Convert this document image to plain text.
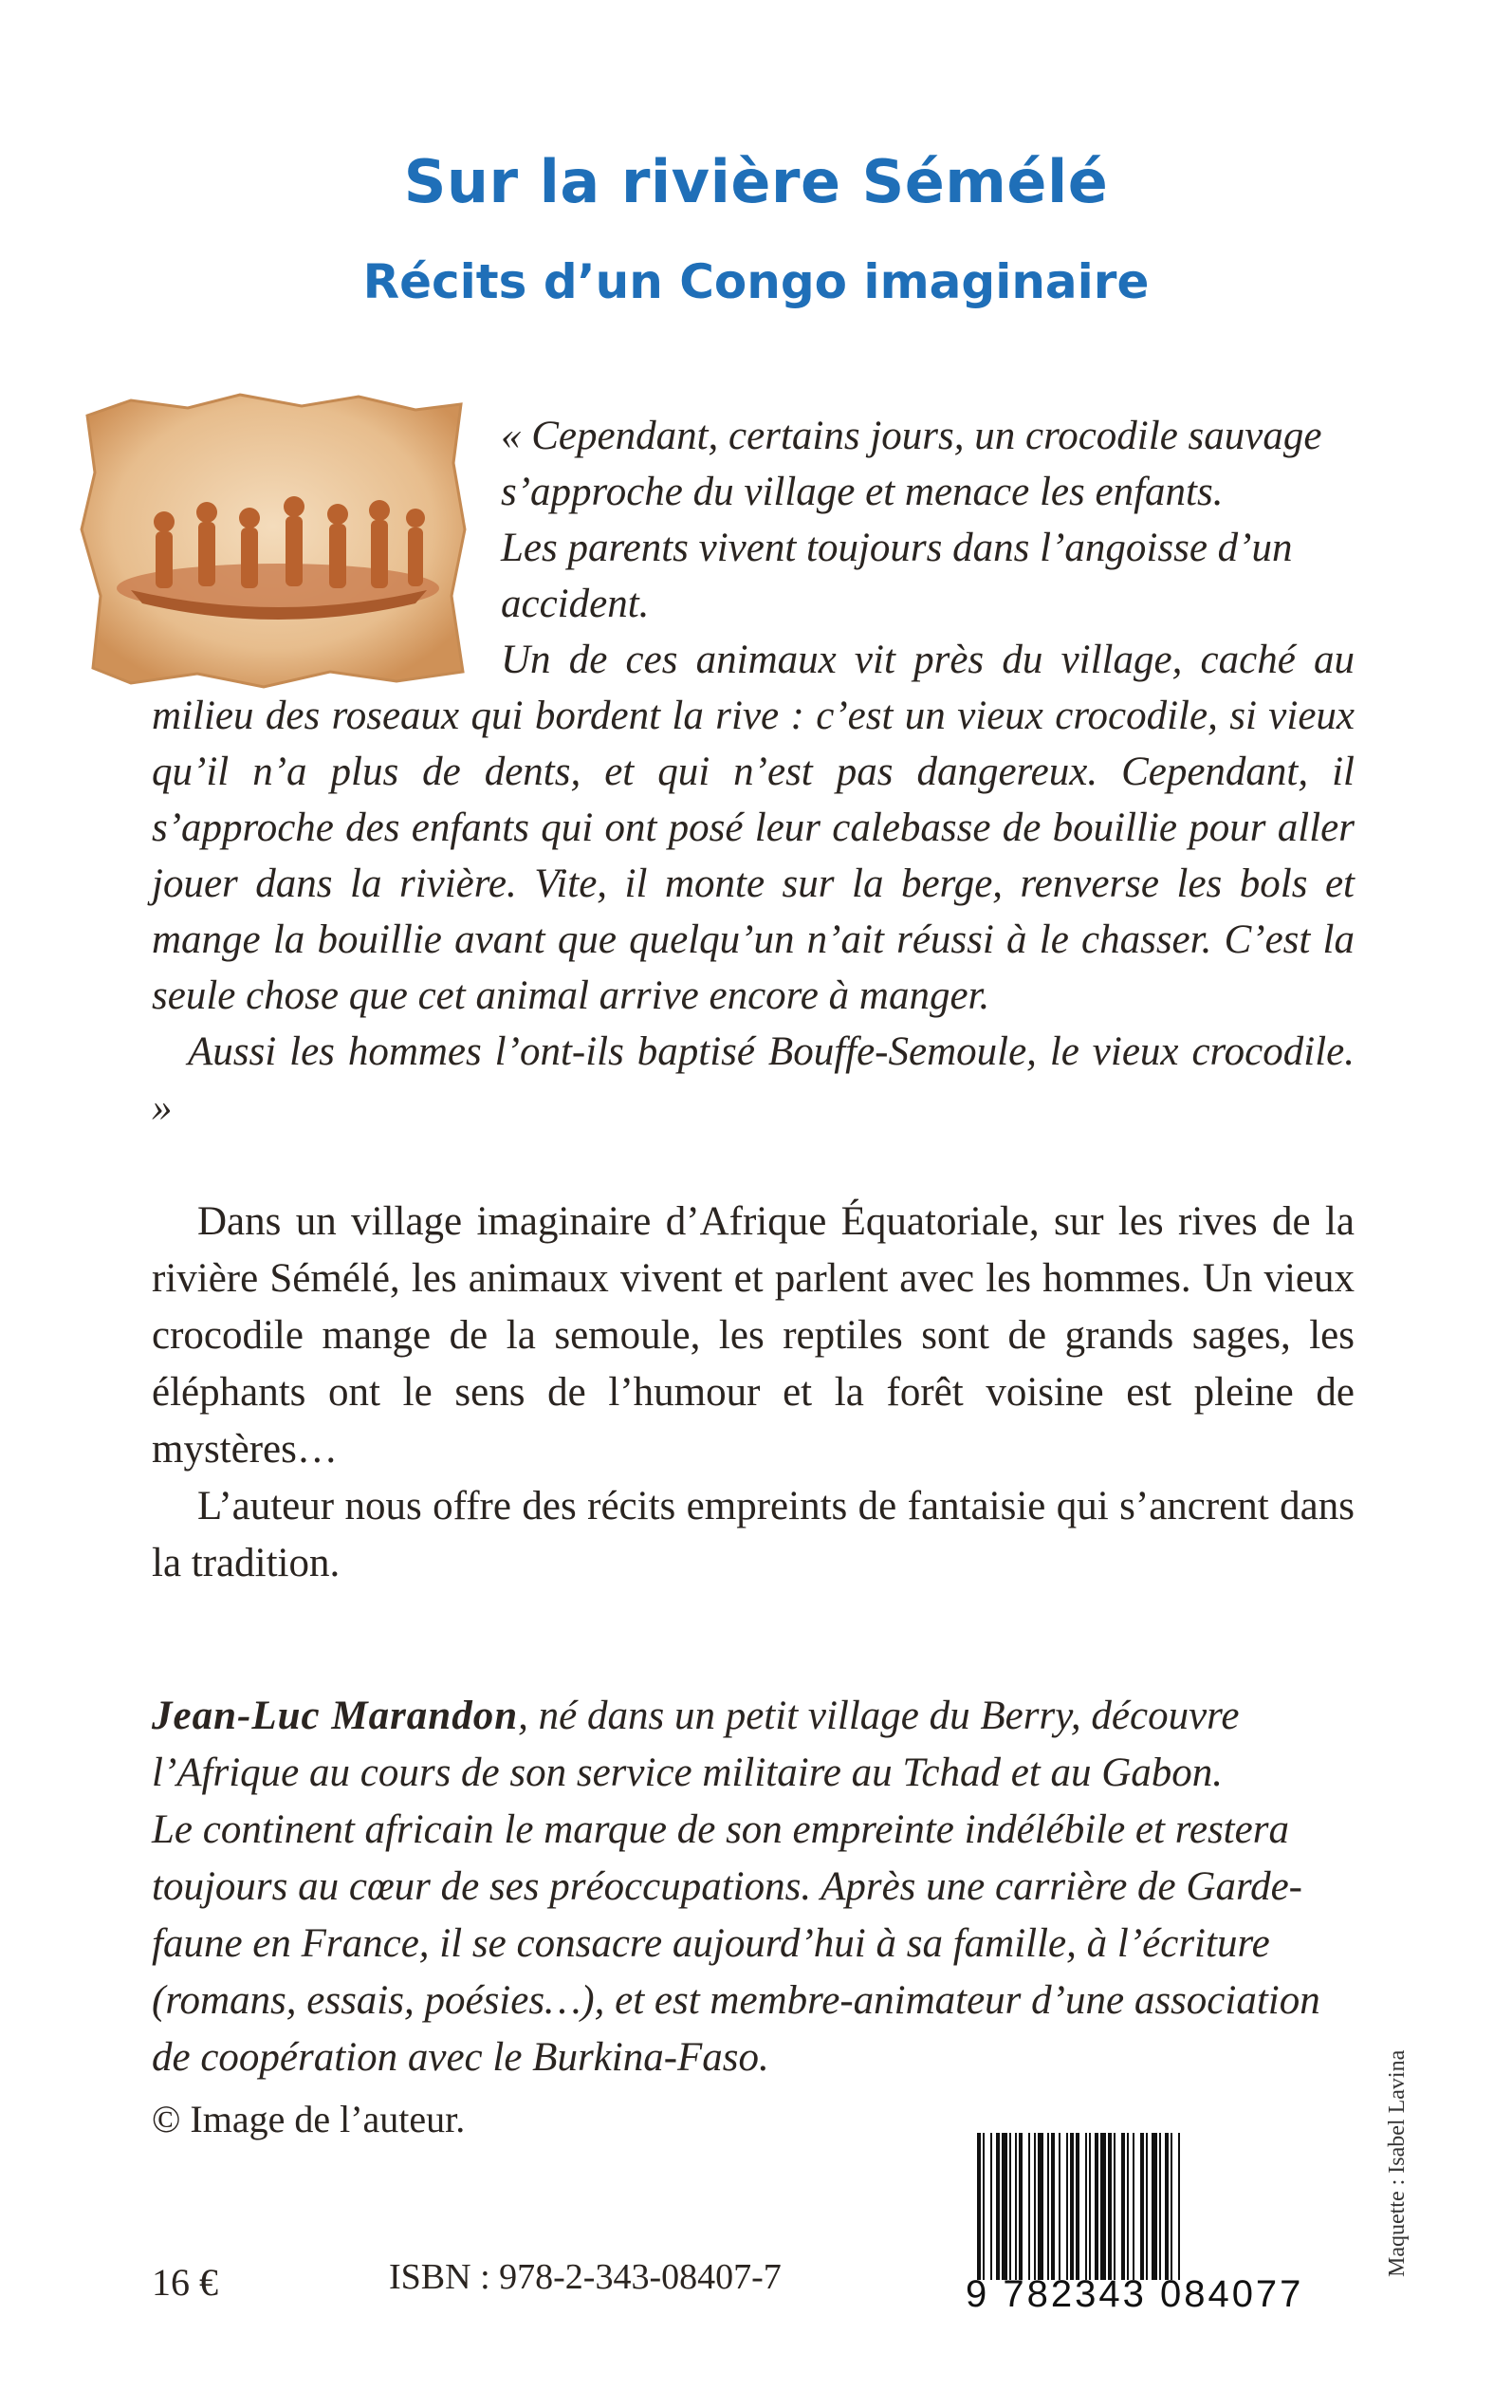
Sur la rivière Sémélé
Récits d’un Congo imaginaire

« Cependant, certains jours, un crocodile sauvage s’approche du village et menace les enfants.

Les parents vivent toujours dans l’angoisse d’un accident.

Un de ces animaux vit près du village, caché au milieu des roseaux qui bordent la rive : c’est un vieux crocodile, si vieux qu’il n’a plus de dents, et qui n’est pas dangereux. Cependant, il s’approche des enfants qui ont posé leur calebasse de bouillie pour aller jouer dans la rivière. Vite, il monte sur la berge, renverse les bols et mange la bouillie avant que quelqu’un n’ait réussi à le chasser. C’est la seule chose que cet animal arrive encore à manger.

Aussi les hommes l’ont-ils baptisé Bouffe-Semoule, le vieux crocodile. »

Dans un village imaginaire d’Afrique Équatoriale, sur les rives de la rivière Sémélé, les animaux vivent et parlent avec les hommes. Un vieux crocodile mange de la semoule, les reptiles sont de grands sages, les éléphants ont le sens de l’humour et la forêt voisine est pleine de mystères…

L’auteur nous offre des récits empreints de fantaisie qui s’ancrent dans la tradition.

Jean-Luc Marandon, né dans un petit village du Berry, découvre l’Afrique au cours de son service militaire au Tchad et au Gabon.

Le continent africain le marque de son empreinte indélébile et restera toujours au cœur de ses préoccupations. Après une carrière de Garde-faune en France, il se consacre aujourd’hui à sa famille, à l’écriture (romans, essais, poésies…), et est membre-animateur d’une association de coopération avec le Burkina-Faso.

© Image de l’auteur.

16 €	ISBN : 978-2-343-08407-7	9 782343 084077

Maquette : Isabel Lavina
